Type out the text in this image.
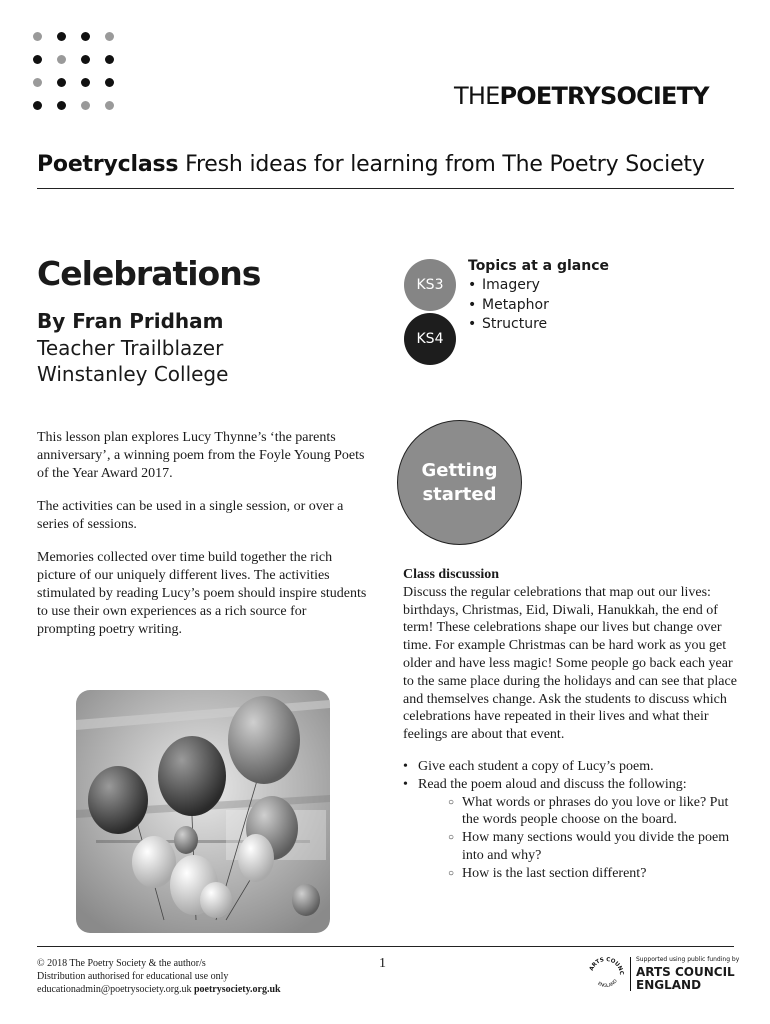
THEPOETRYSOCIETY
Poetryclass Fresh ideas for learning from The Poetry Society
Celebrations
By Fran Pridham
Teacher Trailblazer
Winstanley College
KS3
KS4
Topics at a glance
• Imagery
• Metaphor
• Structure

This lesson plan explores Lucy Thynne’s ‘the parents anniversary’, a winning poem from the Foyle Young Poets of the Year Award 2017.

The activities can be used in a single session, or over a series of sessions.

Memories collected over time build together the rich picture of our uniquely different lives. The activities stimulated by reading Lucy’s poem should inspire students to use their own experiences as a rich source for prompting poetry writing.

Getting started
Class discussion
Discuss the regular celebrations that map out our lives: birthdays, Christmas, Eid, Diwali, Hanukkah, the end of term! These celebrations shape our lives but change over time. For example Christmas can be hard work as you get older and have less magic! Some people go back each year to the same place during the holidays and can see that place and themselves change. Ask the students to discuss which celebrations have repeated in their lives and what their feelings are about that event.
• Give each student a copy of Lucy’s poem.
• Read the poem aloud and discuss the following:
○ What words or phrases do you love or like? Put the words people choose on the board.
○ How many sections would you divide the poem into and why?
○ How is the last section different?
© 2018 The Poetry Society & the author/s
Distribution authorised for educational use only
educationadmin@poetrysociety.org.uk poetrysociety.org.uk
1	ARTS COUNC
ENGLAND
Supported using public funding by
ARTS COUNCIL
ENGLAND
